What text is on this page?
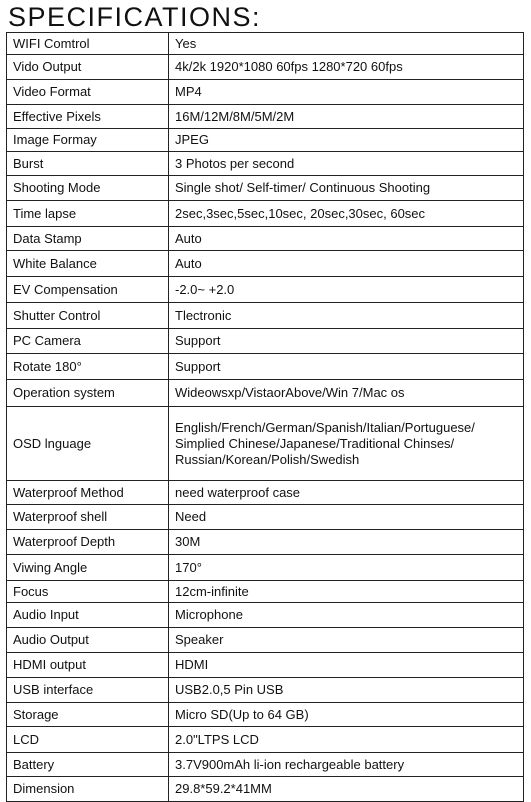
SPECIFICATIONS:
WIFI Comtrol	Yes
Vido Output	4k/2k 1920*1080 60fps 1280*720 60fps
Video Format	MP4
Effective Pixels	16M/12M/8M/5M/2M
Image Formay	JPEG
Burst	3 Photos per second
Shooting Mode	Single shot/ Self-timer/ Continuous Shooting
Time lapse	2sec,3sec,5sec,10sec, 20sec,30sec, 60sec
Data Stamp	Auto
White Balance	Auto
EV Compensation	-2.0~ +2.0
Shutter Control	Tlectronic
PC Camera	Support
Rotate 180°	Support
Operation system	Wideowsxp/VistaorAbove/Win 7/Mac os
OSD lnguage	English/French/German/Spanish/Italian/Portuguese/
Simplied Chinese/Japanese/Traditional Chinses/
Russian/Korean/Polish/Swedish

Waterproof Method	need waterproof case
Waterproof shell	Need
Waterproof Depth	30M
Viwing Angle	170°
Focus	12cm-infinite
Audio Input	Microphone
Audio Output	Speaker
HDMI output	HDMI
USB interface	USB2.0,5 Pin USB
Storage	Micro SD(Up to 64 GB)
LCD	2.0"LTPS LCD
Battery	3.7V900mAh li-ion rechargeable battery
Dimension	29.8*59.2*41MM
